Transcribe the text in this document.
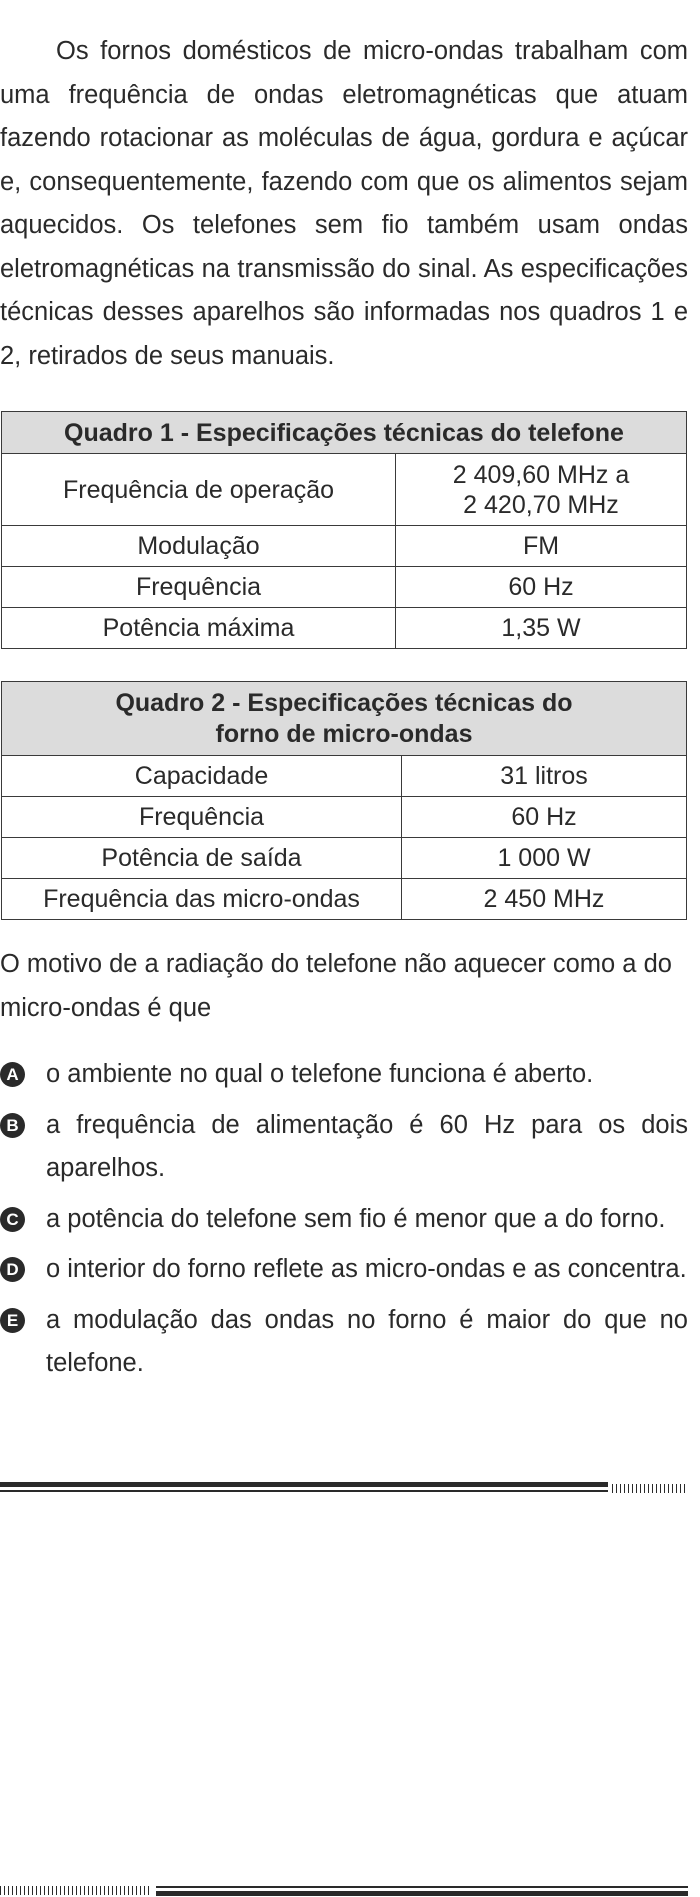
Os fornos domésticos de micro-ondas trabalham com uma frequência de ondas eletromagnéticas que atuam fazendo rotacionar as moléculas de água, gordura e açúcar e, consequentemente, fazendo com que os alimentos sejam aquecidos. Os telefones sem fio também usam ondas eletromagnéticas na transmissão do sinal. As especificações técnicas desses aparelhos são informadas nos quadros 1 e 2, retirados de seus manuais.

Quadro 1 - Especificações técnicas do telefone	
Frequência de operação	2 409,60 MHz a
2 420,70 MHz
Modulação	FM
Frequência	60 Hz
Potência máxima	1,35 W
Quadro 2 - Especificações técnicas do
forno de micro-ondas	
Capacidade	31 litros
Frequência	60 Hz
Potência de saída	1 000 W
Frequência das micro-ondas	2 450 MHz

O motivo de a radiação do telefone não aquecer como a do micro-ondas é que

A o ambiente no qual o telefone funciona é aberto.
B a frequência de alimentação é 60 Hz para os dois aparelhos.
C a potência do telefone sem fio é menor que a do forno.
D o interior do forno reflete as micro-ondas e as concentra.
E a modulação das ondas no forno é maior do que no telefone.
